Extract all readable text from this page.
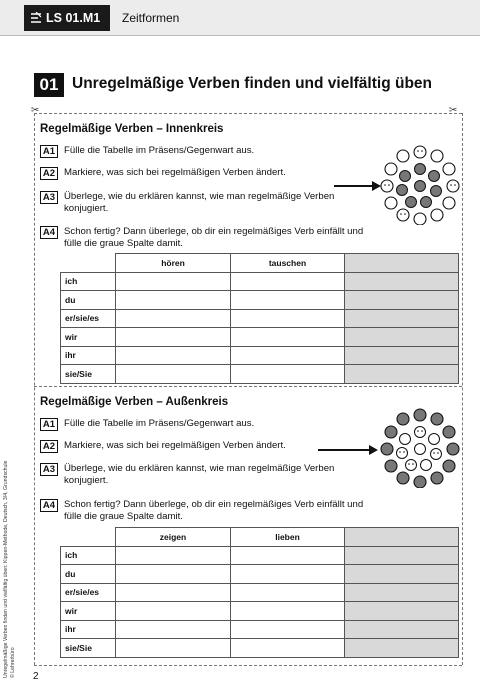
LS 01.M1	Zeitformen
01 Unregelmäßige Verben finden und vielfältig üben
✂	✂
Regelmäßige Verben – Innenkreis
A1 Fülle die Tabelle im Präsens/Gegenwart aus.
A2 Markiere, was sich bei regelmäßigen Verben ändert.
A3 Überlege, wie du erklären kannst, wie man regelmäßige Verben konjugiert.
A4 Schon fertig? Dann überlege, ob dir ein regelmäßiges Verb einfällt und fülle die graue Spalte damit.
	hören	tauschen	
ich			
du			
er/sie/es			
wir			
ihr			
sie/Sie			
Regelmäßige Verben – Außenkreis
A1 Fülle die Tabelle im Präsens/Gegenwart aus.
A2 Markiere, was sich bei regelmäßigen Verben ändert.
A3 Überlege, wie du erklären kannst, wie man regelmäßige Verben konjugiert.
A4 Schon fertig? Dann überlege, ob dir ein regelmäßiges Verb einfällt und fülle die graue Spalte damit.
	zeigen	lieben	
ich			
du			
er/sie/es			
wir			
ihr			
sie/Sie			
Unregelmäßige Verben finden und vielfältig üben: Kippen-Methode, Deutsch, 3/4, Grundschule © Lehrerbüro 2
